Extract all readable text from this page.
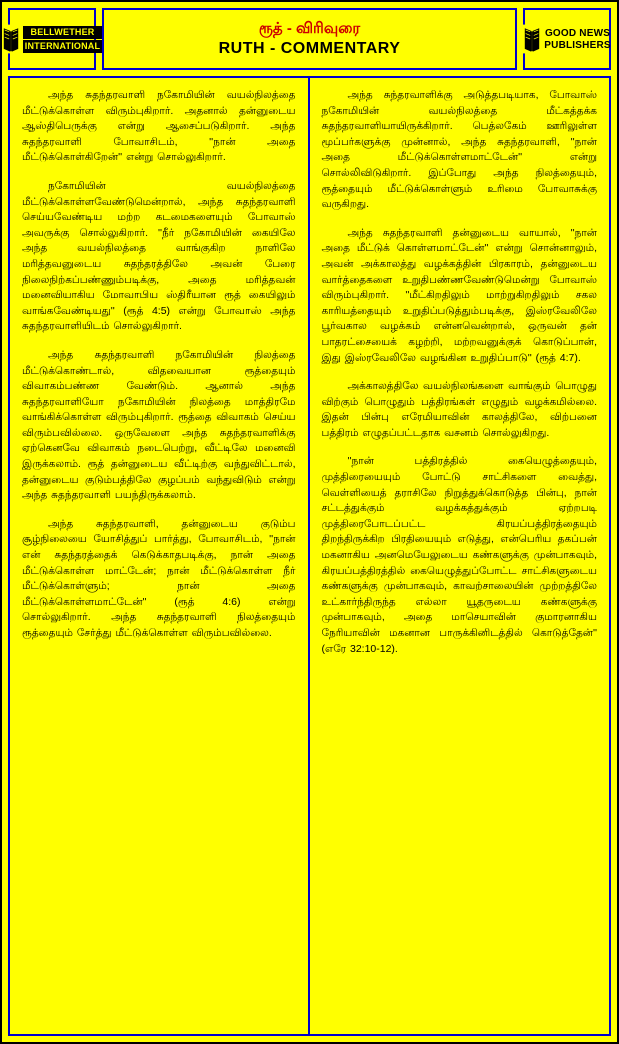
BELLWETHER
INTERNATIONAL
ரூத் - விரிவுரை
RUTH - COMMENTARY
GOOD NEWS
PUBLISHERS

அந்த சுதந்தரவாளி நகோமியின் வயல்நிலத்தை மீட்டுக்கொள்ள விரும்புகிறார். அதனால் தன்னுடைய ஆஸ்திபெருக்கு என்று ஆசைப்படுகிறார். அந்த சுதந்தரவாளி போவாசிடம், ''நான் அதை மீட்டுக்கொள்கிறேன்'' என்று சொல்லுகிறார்.

நகோமியின் வயல்நிலத்தை மீட்டுக்கொள்ளவேண்டுமென்றால், அந்த சுதந்தரவாளி செய்யவேண்டிய மற்ற கடமைகளையும் போவாஸ் அவருக்கு சொல்லுகிறார். ''நீர் நகோமியின் கையிலே அந்த வயல்நிலத்தை வாங்குகிற நாளிலே மரித்தவனுடைய சுதந்தரத்திலே அவன் பேரை நிலைநிற்கப்பண்ணும்படிக்கு, அதை மரித்தவன் மனைவியாகிய மோவாபிய ஸ்திரீயான ரூத் கையிலும் வாங்கவேண்டியது'' (ரூத் 4:5) என்று போவாஸ் அந்த சுதந்தரவாளியிடம் சொல்லுகிறார்.

அந்த சுதந்தரவாளி நகோமியின் நிலத்தை மீட்டுக்கொண்டால், விதவையான ரூத்தையும் விவாகம்பண்ண வேண்டும். ஆனால் அந்த சுதந்தரவாளியோ நகோமியின் நிலத்தை மாத்திரமே வாங்கிக்கொள்ள விரும்புகிறார். ரூத்தை விவாகம் செய்ய விரும்பவில்லை. ஒருவேளை அந்த சுதந்தரவாளிக்கு ஏற்கெனவே விவாகம் நடைபெற்று, வீட்டிலே மனைவி இருக்கலாம். ரூத் தன்னுடைய வீட்டிற்கு வந்துவிட்டால், தன்னுடைய குடும்பத்திலே குழப்பம் வந்துவிடும் என்று அந்த சுதந்தரவாளி பயந்திருக்கலாம்.

அந்த சுதந்தரவாளி, தன்னுடைய குடும்ப சூழ்நிலையை யோசித்துப் பார்த்து, போவாசிடம், ''நான் என் சுதந்தரத்தைக் கெடுக்காதபடிக்கு, நான் அதை மீட்டுக்கொள்ள மாட்டேன்; நான் மீட்டுக்கொள்ள நீர் மீட்டுக்கொள்ளும்; நான் அதை மீட்டுக்கொள்ளமாட்டேன்'' (ரூத் 4:6) என்று சொல்லுகிறார். அந்த சுதந்தரவாளி நிலத்தையும் ரூத்தையும் சேர்த்து மீட்டுக்கொள்ள விரும்பவில்லை.

அந்த சுந்தரவாளிக்கு அடுத்தபடியாக, போவாஸ் நகோமியின் வயல்நிலத்தை மீட்கத்தக்க சுதந்தரவாளியாயிருக்கிறார். பெத்லகேம் ஊரிலுள்ள மூப்பர்களுக்கு முன்னால், அந்த சுதந்தரவாளி, ''நான் அதை மீட்டுக்கொள்ளமாட்டேன்'' என்று சொல்லிவிடுகிறார். இப்போது அந்த நிலத்தையும், ரூத்தையும் மீட்டுக்கொள்ளும் உரிமை போவாசுக்கு வருகிறது.

அந்த சுதந்தரவாளி தன்னுடைய வாயால், ''நான் அதை மீட்டுக் கொள்ளமாட்டேன்'' என்று சொன்னாலும், அவன் அக்காலத்து வழக்கத்தின் பிரகாரம், தன்னுடைய வார்த்தைகளை உறுதிபண்ணவேண்டுமென்று போவாஸ் விரும்புகிறார். ''மீட்கிறதிலும் மாற்றுகிறதிலும் சகல காரியத்தையும் உறுதிப்படுத்தும்படிக்கு, இஸ்ரவேலிலே பூர்வகால வழக்கம் என்னவென்றால், ஒருவன் தன் பாதரட்சையைக் கழற்றி, மற்றவனுக்குக் கொடுப்பான், இது இஸ்ரவேலிலே வழங்கின உறுதிப்பாடு'' (ரூத் 4:7).

அக்காலத்திலே வயல்நிலங்களை வாங்கும் பொழுது விற்கும் பொழுதும் பத்திரங்கள் எழுதும் வழக்கமில்லை. இதன் பின்பு எரேமியாவின் காலத்திலே, விற்பனை பத்திரம் எழுதப்பட்டதாக வசனம் சொல்லுகிறது.

''நான் பத்திரத்தில் கையெழுத்தையும், முத்திரையையும் போட்டு சாட்சிகளை வைத்து, வெள்ளியைத் தராசிலே நிறுத்துக்கொடுத்த பின்பு, நான் சட்டத்துக்கும் வழக்கத்துக்கும் ஏற்றபடி முத்திரைபோடப்பட்ட கிரயப்பத்திரத்தையும் திறந்திருக்கிற பிரதியையும் எடுத்து, என்பெரிய தகப்பன் மகனாகிய அனமெயேலுடைய கண்களுக்கு முன்பாகவும், கிரயப்பத்திரத்தில் கையெழுத்துப்போட்ட சாட்சிகளுடைய கண்களுக்கு முன்பாகவும், காவற்சாலையின் முற்றத்திலே உட்கார்ந்திருந்த எல்லா யூதருடைய கண்களுக்கு முன்பாகவும், அதை மாசெயாவின் குமாரனாகிய நேரியாவின் மகனான பாருக்கினிடத்தில் கொடுத்தேன்'' (எரே 32:10-12).
